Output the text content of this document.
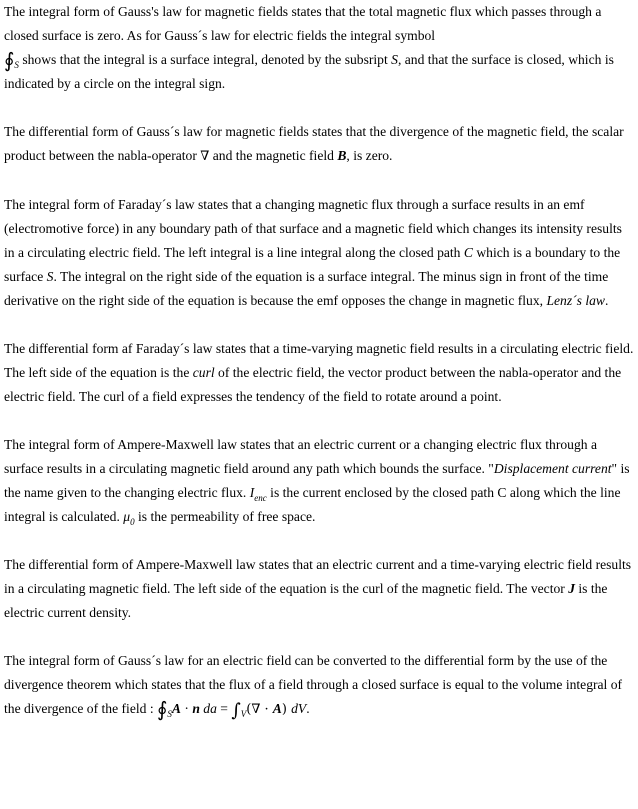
The integral form of Gauss's law for magnetic fields states that the total magnetic flux which passes through a closed surface is zero. As for Gauss´s law for electric fields the integral symbol
$∮_S$ shows that the integral is a surface integral, denoted by the subsript S, and that the surface is closed, which is indicated by a circle on the integral sign.

The differential form of Gauss´s law for magnetic fields states that the divergence of the magnetic field, the scalar product between the nabla-operator ∇ and the magnetic field B, is zero.

The integral form of Faraday´s law states that a changing magnetic flux through a surface results in an emf (electromotive force) in any boundary path of that surface and a magnetic field which changes its intensity results in a circulating electric field. The left integral is a line integral along the closed path C which is a boundary to the surface S. The integral on the right side of the equation is a surface integral. The minus sign in front of the time derivative on the right side of the equation is because the emf opposes the change in magnetic flux, Lenz´s law.

The differential form af Faraday´s law states that a time-varying magnetic field results in a circulating electric field. The left side of the equation is the curl of the electric field, the vector product between the nabla-operator and the electric field. The curl of a field expresses the tendency of the field to rotate around a point.

The integral form of Ampere-Maxwell law states that an electric current or a changing electric flux through a surface results in a circulating magnetic field around any path which bounds the surface. "Displacement current" is the name given to the changing electric flux. $I_{enc}$ is the current enclosed by the closed path C along which the line integral is calculated. $\mu_0$ is the permeability of free space.

The differential form of Ampere-Maxwell law states that an electric current and a time-varying electric field results in a circulating magnetic field. The left side of the equation is the curl of the magnetic field. The vector J is the electric current density.

The integral form of Gauss´s law for an electric field can be converted to the differential form by the use of the divergence theorem which states that the flux of a field through a closed surface is equal to the volume integral of the divergence of the field : $∮_SA \cdot n$ da = $\int_V(\nabla \cdot A)$ dV.
